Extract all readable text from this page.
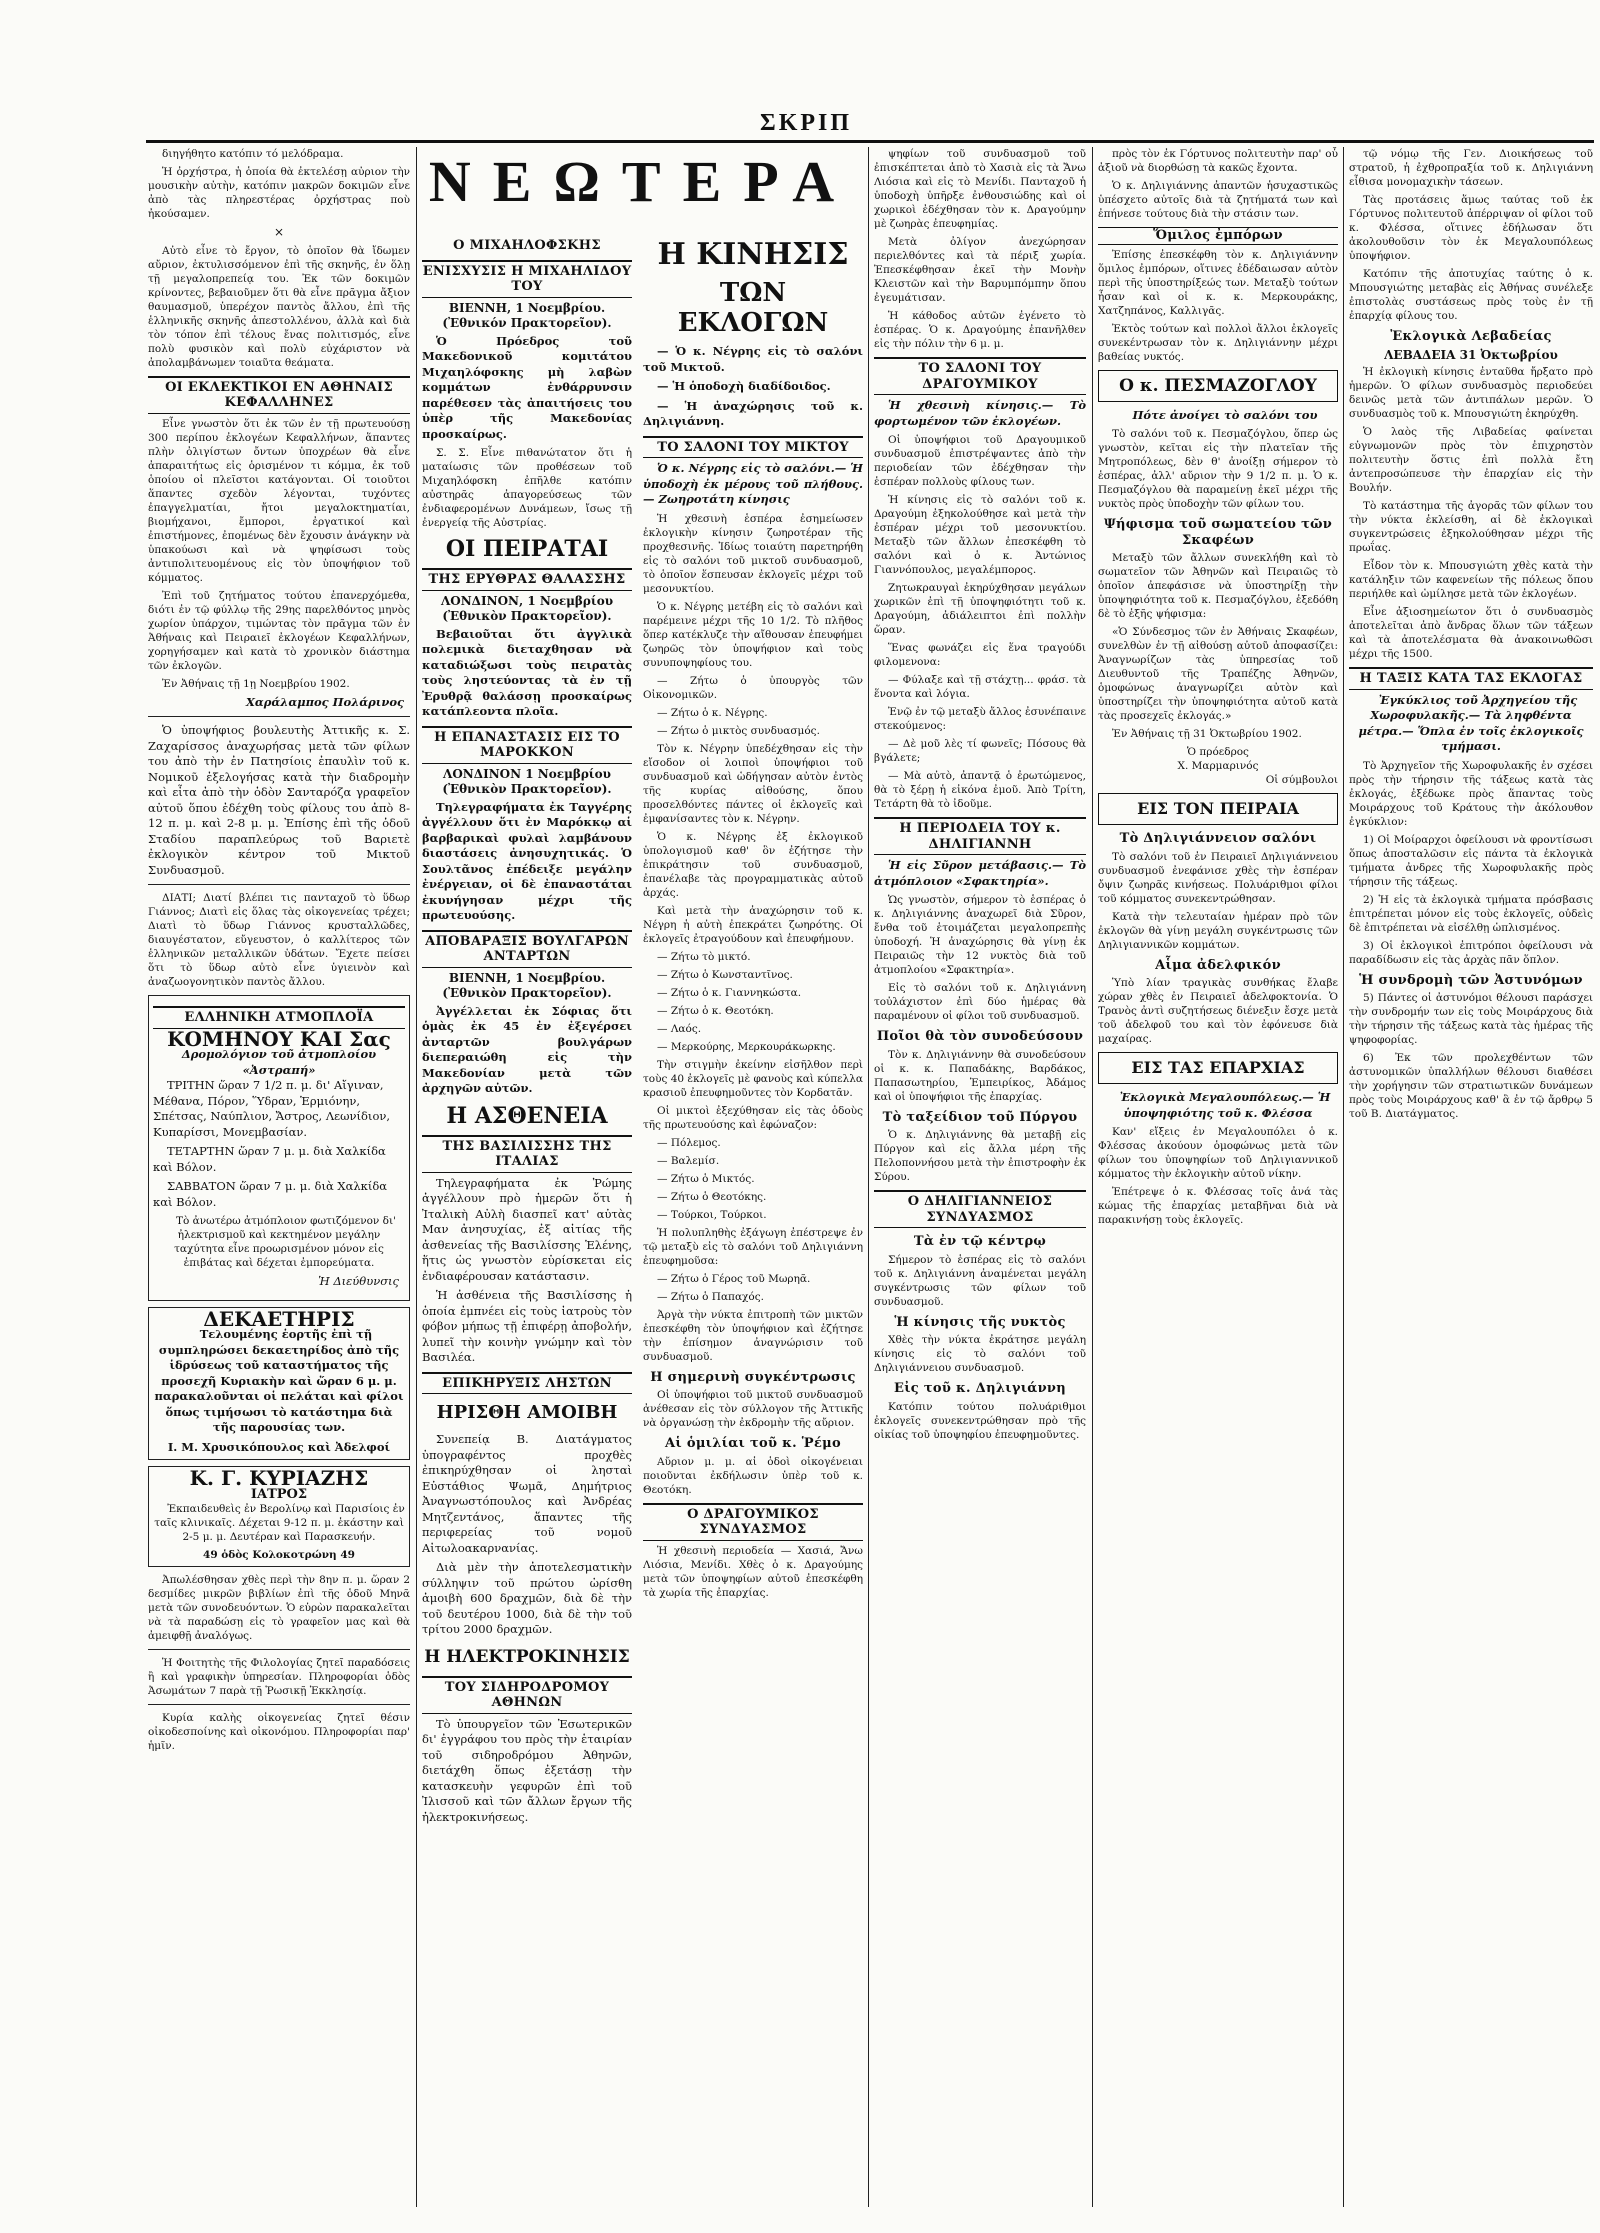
ΣΚΡΙΠ

διηγήθητο κατόπιν τό μελόδραμα.

Ἡ ὀρχήστρα, ἡ ὁποία θὰ ἐκτελέσῃ αὐριον τὴν μουσικὴν αὐτὴν, κατόπιν μακρῶν δοκιμῶν εἶνε ἀπὸ τὰς πληρεστέρας ὀρχήστρας ποὺ ἠκούσαμεν.

×

Αὐτὸ εἶνε τὸ ἔργον, τὸ ὁποῖον θὰ ἴδωμεν αὔριον, ἐκτυλισσόμενον ἐπὶ τῆς σκηνῆς, ἐν ὅλῃ τῇ μεγαλοπρεπείᾳ του. Ἐκ τῶν δοκιμῶν κρίνοντες, βεβαιοῦμεν ὅτι θὰ εἶνε πρᾶγμα ἄξιον θαυμασμοῦ, ὑπερέχον παντὸς ἄλλου, ἐπὶ τῆς ἑλληνικῆς σκηνῆς ἀπεστολλένου, ἀλλὰ καὶ διὰ τὸν τόπον ἐπὶ τέλους ἔνας πολιτισμός, εἶνε πολὺ φυσικὸν καὶ πολὺ εὐχάριστον νὰ ἀπολαμβάνωμεν τοιαῦτα θεάματα.

ΟΙ ΕΚΛΕΚΤΙΚΟΙ ΕΝ ΑΘΗΝΑΙΣ ΚΕΦΑΛΛΗΝΕΣ

Εἶνε γνωστὸν ὅτι ἐκ τῶν ἐν τῇ πρωτευούσῃ 300 περίπου ἐκλογέων Κεφαλλήνων, ἅπαντες πλὴν ὀλιγίστων ὄντων ὑποχρέων θὰ εἶνε ἀπαραιτήτως εἰς ὁρισμένον τι κόμμα, ἐκ τοῦ ὁποίου οἱ πλεῖστοι κατάγονται. Οἱ τοιοῦτοι ἅπαντες σχεδὸν λέγονται, τυχόντες ἐπαγγελματίαι, ἤτοι μεγαλοκτηματίαι, βιομήχανοι, ἔμποροι, ἐργατικοί καὶ ἐπιστήμονες, ἐπομένως δὲν ἔχουσιν ἀνάγκην νὰ ὑπακούωσι καὶ νὰ ψηφίσωσι τοὺς ἀντιπολιτευομένους εἰς τὸν ὑποψήφιον τοῦ κόμματος.

Ἐπὶ τοῦ ζητήματος τούτου ἐπανερχόμεθα, διότι ἐν τῷ φύλλῳ τῆς 29ης παρελθόντος μηνὸς χωρίον ὑπάρχον, τιμώντας τὸν πρᾶγμα τῶν ἐν Ἀθήναις καὶ Πειραιεῖ ἐκλογέων Κεφαλλήνων, χορηγήσαμεν καὶ κατὰ τὸ χρονικὸν διάστημα τῶν ἐκλογῶν.

Ἐν Ἀθήναις τῇ 1ῃ Νοεμβρίου 1902.

Χαράλαμπος Πολάρινος

Ὁ ὑποψήφιος βουλευτὴς Ἀττικῆς κ. Σ. Ζαχαρίσσος ἀναχωρήσας μετὰ τῶν φίλων του ἀπὸ τὴν ἐν Πατησίοις ἐπαυλὶν τοῦ κ. Νομικοῦ ἐξελογήσας κατὰ τὴν διαδρομὴν καὶ εἶτα ἀπὸ τὴν ὁδὸν Σανταρόζα γραφεῖον αὐτοῦ ὅπου ἐδέχθη τοὺς φίλους του ἀπὸ 8-12 π. μ. καὶ 2-8 μ. μ. Ἐπίσης ἐπὶ τῆς ὁδοῦ Σταδίου παραπλεύρως τοῦ Βαριετὲ ἐκλογικὸν κέντρον τοῦ Μικτοῦ Συνδυασμοῦ.

ΔΙΑΤΙ; Διατί βλέπει τις πανταχοῦ τὸ ὕδωρ Γιάννος; Διατὶ εἰς ὅλας τὰς οἰκογενείας τρέχει; Διατὶ τὸ ὕδωρ Γιάννος κρυσταλλῶδες, διαυγέστατον, εὔγευστον, ὁ καλλίτερος τῶν ἑλληνικῶν μεταλλικῶν ὑδάτων. Ἔχετε πείσει ὅτι τὸ ὕδωρ αὐτὸ εἶνε ὑγιεινὸν καὶ ἀναζωογονητικὸν παντὸς ἄλλου.

ΕΛΛΗΝΙΚΗ ΑΤΜΟΠΛΟΪΑ
ΚΟΜΗΝΟΥ ΚΑΙ Σας
Δρομολόγιον τοῦ ἀτμοπλοίου «Ἀστραπή»

ΤΡΙΤΗΝ ὥραν 7 1/2 π. μ. δι' Αἴγιναν, Μέθανα, Πόρον, Ὕδραν, Ἑρμιόνην, Σπέτσας, Ναύπλιον, Ἄστρος, Λεωνίδιον, Κυπαρίσσι, Μονεμβασίαν.

ΤΕΤΑΡΤΗΝ ὥραν 7 μ. μ. διὰ Χαλκίδα καὶ Βόλον.

ΣΑΒΒΑΤΟΝ ὥραν 7 μ. μ. διὰ Χαλκίδα καὶ Βόλον.

Τὸ ἀνωτέρω ἀτμόπλοιον φωτιζόμενον δι' ἠλεκτρισμοῦ καὶ κεκτημένον μεγάλην ταχύτητα εἶνε προωρισμένον μόνον εἰς ἐπιβάτας καὶ δέχεται ἐμπορεύματα.

Ἡ Διεύθυνσις
ΔΕΚΑΕΤΗΡΙΣ

Τελουμένης ἑορτῆς ἐπὶ τῇ συμπληρώσει δεκαετηρίδος ἀπὸ τῆς ἱδρύσεως τοῦ καταστήματος τῆς προσεχῆ Κυριακὴν καὶ ὥραν 6 μ. μ. παρακαλοῦνται οἱ πελάται καὶ φίλοι ὅπως τιμήσωσι τὸ κατάστημα διὰ τῆς παρουσίας των.

Ι. Μ. Χρυσικόπουλος καὶ Ἀδελφοί
Κ. Γ. ΚΥΡΙΑΖΗΣ
ΙΑΤΡΟΣ

Ἐκπαιδευθεὶς ἐν Βερολίνῳ καὶ Παρισίοις ἐν ταῖς κλινικαῖς. Δέχεται 9-12 π. μ. ἑκάστην καὶ 2-5 μ. μ. Δευτέραν καὶ Παρασκευήν.

49 ὁδὸς Κολοκοτρώνη 49

Ἀπωλέσθησαν χθὲς περὶ τὴν 8ην π. μ. ὥραν 2 δεσμίδες μικρῶν βιβλίων ἐπὶ τῆς ὁδοῦ Μηνᾶ μετὰ τῶν συνοδευόντων. Ὁ εὑρὼν παρακαλεῖται νὰ τὰ παραδώσῃ εἰς τὸ γραφεῖον μας καὶ θὰ ἀμειφθῇ ἀναλόγως.

Ἡ Φοιτητὴς τῆς Φιλολογίας ζητεῖ παραδόσεις ἢ καὶ γραφικὴν ὑπηρεσίαν. Πληροφορίαι ὁδὸς Ἀσωμάτων 7 παρὰ τῇ Ῥωσικῇ Ἐκκλησίᾳ.

Κυρία καλὴς οἰκογενείας ζητεῖ θέσιν οἰκοδεσποίνης καὶ οἰκονόμου. Πληροφορίαι παρ' ἡμῖν.

ΝΕΩΤΕΡΑ
Ο ΜΙΧΑΗΛΟΦΣΚΗΣ
ΕΝΙΣΧΥΣΙΣ Η ΜΙΧΑΗΛΙΔΟΥ ΤΟΥ
ΒΙΕΝΝΗ, 1 Νοεμβρίου. (Ἐθνικόν Πρακτορεῖον).

Ὁ Πρόεδρος τοῦ Μακεδονικοῦ κομιτάτου Μιχαηλόφσκης μὴ λαβὼν κομμάτων ἐνθάρρυνσιν παρέθεσεν τὰς ἀπαιτήσεις του ὑπὲρ τῆς Μακεδονίας προσκαίρως.

Σ. Σ. Εἶνε πιθανώτατον ὅτι ἡ ματαίωσις τῶν προθέσεων τοῦ Μιχαηλόφσκη ἐπῆλθε κατόπιν αὐστηρᾶς ἀπαγορεύσεως τῶν ἐνδιαφερομένων Δυνάμεων, ἴσως τῇ ἐνεργείᾳ τῆς Αὐστρίας.

ΟΙ ΠΕΙΡΑΤΑΙ
ΤΗΣ ΕΡΥΘΡΑΣ ΘΑΛΑΣΣΗΣ
ΛΟΝΔΙΝΟΝ, 1 Νοεμβρίου (Ἐθνικὸν Πρακτορεῖον).

Βεβαιοῦται ὅτι ἀγγλικὰ πολεμικὰ διεταχθησαν νὰ καταδιώξωσι τοὺς πειρατὰς τοὺς ληστεύοντας τὰ ἐν τῇ Ἐρυθρᾷ θαλάσσῃ προσκαίρως κατάπλεοντα πλοῖα.

Η ΕΠΑΝΑΣΤΑΣΙΣ ΕΙΣ ΤΟ ΜΑΡΟΚΚΟΝ
ΛΟΝΔΙΝΟΝ 1 Νοεμβρίου (Ἐθνικὸν Πρακτορεῖον).

Τηλεγραφήματα ἐκ Ταγγέρης ἀγγέλλουν ὅτι ἐν Μαρόκκῳ αἱ βαρβαρικαὶ φυλαὶ λαμβάνουν διαστάσεις ἀνησυχητικάς. Ὁ Σουλτᾶνος ἐπέδειξε μεγάλην ἐνέργειαν, οἱ δὲ ἐπαναστάται ἐκυνήγησαν μέχρι τῆς πρωτευούσης.

ΑΠΟΒΑΡΑΞΙΣ ΒΟΥΛΓΑΡΩΝ ΑΝΤΑΡΤΩΝ
ΒΙΕΝΝΗ, 1 Νοεμβρίου. (Ἐθνικὸν Πρακτορεῖον).

Ἀγγέλλεται ἐκ Σόφιας ὅτι ὁμὰς ἐκ 45 ἐν ἐξεγέρσει ἀνταρτῶν βουλγάρων διεπεραιώθη εἰς τὴν Μακεδονίαν μετὰ τῶν ἀρχηγῶν αὐτῶν.

Η ΑΣΘΕΝΕΙΑ
ΤΗΣ ΒΑΣΙΛΙΣΣΗΣ ΤΗΣ ΙΤΑΛΙΑΣ

Τηλεγραφήματα ἐκ Ῥώμης ἀγγέλλουν πρὸ ἡμερῶν ὅτι ἡ Ἰταλικὴ Αὐλὴ διασπεῖ κατ' αὐτὰς Μαν ἀνησυχίας, ἐξ αἰτίας τῆς ἀσθενείας τῆς Βασιλίσσης Ἑλένης, ἥτις ὡς γνωστὸν εὑρίσκεται εἰς ἐνδιαφέρουσαν κατάστασιν.

Ἡ ἀσθένεια τῆς Βασιλίσσης ἡ ὁποία ἐμπνέει εἰς τοὺς ἰατροὺς τὸν φόβον μήπως τῇ ἐπιφέρῃ ἀποβολήν, λυπεῖ τὴν κοινὴν γνώμην καὶ τὸν Βασιλέα.

ΕΠΙΚΗΡΥΞΙΣ ΛΗΣΤΩΝ
ΗΡΙΣΘΗ ΑΜΟΙΒΗ

Συνεπείᾳ Β. Διατάγματος ὑπογραφέντος προχθὲς ἐπικηρύχθησαν οἱ λησταὶ Εὐστάθιος Ψωμᾶ, Δημήτριος Ἀναγνωστόπουλος καὶ Ἀνδρέας Μητζεντάνος, ἅπαντες τῆς περιφερείας τοῦ νομοῦ Αἰτωλοακαρνανίας.

Διὰ μὲν τὴν ἀποτελεσματικὴν σύλληψιν τοῦ πρώτου ὡρίσθη ἀμοιβὴ 600 δραχμῶν, διὰ δὲ τὴν τοῦ δευτέρου 1000, διὰ δὲ τὴν τοῦ τρίτου 2000 δραχμῶν.

Η ΗΛΕΚΤΡΟΚΙΝΗΣΙΣ
ΤΟΥ ΣΙΔΗΡΟΔΡΟΜΟΥ ΑΘΗΝΩΝ

Τὸ ὑπουργεῖον τῶν Ἐσωτερικῶν δι' ἐγγράφου του πρὸς τὴν ἑταιρίαν τοῦ σιδηροδρόμου Ἀθηνῶν, διετάχθη ὅπως ἐξετάσῃ τὴν κατασκευὴν γεφυρῶν ἐπὶ τοῦ Ἰλισσοῦ καὶ τῶν ἄλλων ἔργων τῆς ἠλεκτροκινήσεως.

Η ΚΙΝΗΣΙΣ
ΤΩΝ ΕΚΛΟΓΩΝ

— Ὁ κ. Νέγρης εἰς τὸ σαλόνι τοῦ Μικτοῦ.

— Ἡ ὁποδοχὴ διαδίδοιδος.

— Ἡ ἀναχώρησις τοῦ κ. Δηλιγιάννη.

ΤΟ ΣΑΛΟΝΙ ΤΟΥ ΜΙΚΤΟΥ

Ὁ κ. Νέγρης εἰς τὸ σαλόνι.— Ἡ ὑποδοχὴ ἐκ μέρους τοῦ πλήθους.— Ζωηροτάτη κίνησις

Ἡ χθεσινὴ ἑσπέρα ἐσημείωσεν ἐκλογικὴν κίνησιν ζωηροτέραν τῆς προχθεσινῆς. Ἰδίως τοιαύτη παρετηρήθη εἰς τὸ σαλόνι τοῦ μικτοῦ συνδυασμοῦ, τὸ ὁποῖον ἕσπευσαν ἐκλογεῖς μέχρι τοῦ μεσονυκτίου.

Ὁ κ. Νέγρης μετέβη εἰς τὸ σαλόνι καὶ παρέμεινε μέχρι τῆς 10 1/2. Τὸ πλῆθος ὅπερ κατέκλυζε τὴν αἴθουσαν ἐπευφήμει ζωηρῶς τὸν ὑποψήφιον καὶ τοὺς συνυποψηφίους του.

— Ζήτω ὁ ὑπουργὸς τῶν Οἰκονομικῶν.

— Ζήτω ὁ κ. Νέγρης.

— Ζήτω ὁ μικτὸς συνδυασμός.

Τὸν κ. Νέγρην ὑπεδέχθησαν εἰς τὴν εἴσοδον οἱ λοιποὶ ὑποψήφιοι τοῦ συνδυασμοῦ καὶ ὡδήγησαν αὐτὸν ἐντὸς τῆς κυρίας αἰθούσης, ὅπου προσελθόντες πάντες οἱ ἐκλογεῖς καὶ ἐμφανίσαντες τὸν κ. Νέγρην.

Ὁ κ. Νέγρης ἐξ ἐκλογικοῦ ὑπολογισμοῦ καθ' ὃν ἐζήτησε τὴν ἐπικράτησιν τοῦ συνδυασμοῦ, ἐπανέλαβε τὰς προγραμματικὰς αὐτοῦ ἀρχάς.

Καὶ μετὰ τὴν ἀναχώρησιν τοῦ κ. Νέγρη ἡ αὐτὴ ἐπεκράτει ζωηρότης. Οἱ ἐκλογεῖς ἐτραγούδουν καὶ ἐπευφήμουν.

— Ζήτω τὸ μικτό.

— Ζήτω ὁ Κωνσταντῖνος.

— Ζήτω ὁ κ. Γιαννηκώστα.

— Ζήτω ὁ κ. Θεοτόκη.

— Λαός.

— Μερκούρης, Μερκουράκωρκης.

Τὴν στιγμὴν ἐκείνην εἰσῆλθον περὶ τοὺς 40 ἐκλογεῖς μὲ φανοὺς καὶ κύπελλα κρασιοῦ ἐπευφημοῦντες τὸν Κορδατᾶν.

Οἱ μικτοὶ ἐξεχύθησαν εἰς τὰς ὁδοὺς τῆς πρωτευούσης καὶ ἐφώναζον:

— Πόλεμος.

— Βαλεμίσ.

— Ζήτω ὁ Μικτός.

— Ζήτω ὁ Θεοτόκης.

— Τούρκοι, Τούρκοι.

Ἡ πολυπληθὴς ἐξάγωγη ἐπέστρεψε ἐν τῷ μεταξὺ εἰς τὸ σαλόνι τοῦ Δηλιγιάννη ἐπευφημοῦσα:

— Ζήτω ὁ Γέρος τοῦ Μωρηᾶ.

— Ζήτω ὁ Παπαχός.

Ἀργὰ τὴν νύκτα ἐπιτροπὴ τῶν μικτῶν ἐπεσκέφθη τὸν ὑποψήφιον καὶ ἐζήτησε τὴν ἐπίσημον ἀναγνώρισιν τοῦ συνδυασμοῦ.

Η σημερινὴ συγκέντρωσις

Οἱ ὑποψήφιοι τοῦ μικτοῦ συνδυασμοῦ ἀνέθεσαν εἰς τὸν σύλλογον τῆς Ἀττικῆς νὰ ὀργανώσῃ τὴν ἐκδρομὴν τῆς αὔριον.

Αἱ ὁμιλίαι τοῦ κ. Ῥέμο

Αὔριον μ. μ. αἱ ὁδοὶ οἰκογένειαι ποιοῦνται ἐκδήλωσιν ὑπὲρ τοῦ κ. Θεοτόκη.

Ο ΔΡΑΓΟΥΜΙΚΟΣ ΣΥΝΔΥΑΣΜΟΣ

Ἡ χθεσινὴ περιοδεία — Χασιά, Ἄνω Λιόσια, Μενίδι. Χθὲς ὁ κ. Δραγούμης μετὰ τῶν ὑποψηφίων αὐτοῦ ἐπεσκέφθη τὰ χωρία τῆς ἐπαρχίας.

ψηφίων τοῦ συνδυασμοῦ τοῦ ἐπισκέπτεται ἀπὸ τὸ Χασιὰ εἰς τὰ Ἄνω Λιόσια καὶ εἰς τὸ Μενίδι. Πανταχοῦ ἡ ὑποδοχὴ ὑπῆρξε ἐνθουσιώδης καὶ οἱ χωρικοὶ ἐδέχθησαν τὸν κ. Δραγούμην μὲ ζωηρὰς ἐπευφημίας.

Μετὰ ὀλίγον ἀνεχώρησαν περιελθόντες καὶ τὰ πέριξ χωρία. Ἐπεσκέφθησαν ἐκεῖ τὴν Μονὴν Κλειστῶν καὶ τὴν Βαρυμπόμπην ὅπου ἐγευμάτισαν.

Ἡ κάθοδος αὐτῶν ἐγένετο τὸ ἑσπέρας. Ὁ κ. Δραγούμης ἐπανῆλθεν εἰς τὴν πόλιν τὴν 6 μ. μ.

ΤΟ ΣΑΛΟΝΙ ΤΟΥ ΔΡΑΓΟΥΜΙΚΟΥ

Ἡ χθεσινὴ κίνησις.— Τὸ φορτωμένον τῶν ἐκλογέων.

Οἱ ὑποψήφιοι τοῦ Δραγουμικοῦ συνδυασμοῦ ἐπιστρέψαντες ἀπὸ τὴν περιοδείαν τῶν ἐδέχθησαν τὴν ἑσπέραν πολλοὺς φίλους των.

Ἡ κίνησις εἰς τὸ σαλόνι τοῦ κ. Δραγούμη ἐξηκολούθησε καὶ μετὰ τὴν ἐσπέραν μέχρι τοῦ μεσονυκτίου. Μεταξὺ τῶν ἄλλων ἐπεσκέφθη τὸ σαλόνι καὶ ὁ κ. Ἀντώνιος Γιαννόπουλος, μεγαλέμπορος.

Ζητωκραυγαὶ ἐκηρύχθησαν μεγάλων χωρικῶν ἐπὶ τῇ ὑποψηφιότητι τοῦ κ. Δραγούμη, ἀδιάλειπτοι ἐπὶ πολλὴν ὥραν.

Ἕνας φωνάζει εἰς ἕνα τραγούδι φιλομενονα:

— Φύλαξε καὶ τῇ στάχτῃ... φράσ. τὰ ἕνοντα καὶ λόγια.

Ἐνῷ ἐν τῷ μεταξὺ ἄλλος ἐσυνέπαινε στεκούμενος:

— Δὲ μοῦ λὲς τί φωνεῖς; Πόσους θὰ βγάλετε;

— Μὰ αὐτὸ, ἀπαντᾷ ὁ ἐρωτώμενος, θὰ τὸ ξέρῃ ἡ εἰκόνα ἐμοῦ. Ἀπὸ Τρίτη, Τετάρτη θὰ τὸ ἰδοῦμε.

Η ΠΕΡΙΟΔΕΙΑ ΤΟΥ κ. ΔΗΛΙΓΙΑΝΝΗ

Ἡ εἰς Σῦρον μετάβασις.— Τὸ ἀτμόπλοιον «Σφακτηρία».

Ὡς γνωστὸν, σήμερον τὸ ἑσπέρας ὁ κ. Δηλιγιάννης ἀναχωρεῖ διὰ Σῦρον, ἔνθα τοῦ ἑτοιμάζεται μεγαλοπρεπὴς ὑποδοχή. Ἡ ἀναχώρησις θὰ γίνῃ ἐκ Πειραιῶς τὴν 12 νυκτὸς διὰ τοῦ ἀτμοπλοίου «Σφακτηρία».

Εἰς τὸ σαλόνι τοῦ κ. Δηλιγιάννη τοὐλάχιστον ἐπὶ δύο ἡμέρας θὰ παραμένουν οἱ φίλοι τοῦ συνδυασμοῦ.

Ποῖοι θὰ τὸν συνοδεύσουν

Τὸν κ. Δηλιγιάννην θὰ συνοδεύσουν οἱ κ. κ. Παπαδάκης, Βαρδάκος, Παπασωτηρίου, Ἐμπειρίκος, Ἀδάμος καὶ οἱ ὑποψήφιοι τῆς ἐπαρχίας.

Τὸ ταξείδιον τοῦ Πύργου

Ὁ κ. Δηλιγιάννης θὰ μεταβῇ εἰς Πύργον καὶ εἰς ἄλλα μέρη τῆς Πελοποννήσου μετὰ τὴν ἐπιστροφὴν ἐκ Σύρου.

Ο ΔΗΛΙΓΙΑΝΝΕΙΟΣ ΣΥΝΔΥΑΣΜΟΣ
Τὰ ἐν τῷ κέντρῳ

Σήμερον τὸ ἑσπέρας εἰς τὸ σαλόνι τοῦ κ. Δηλιγιάννη ἀναμένεται μεγάλη συγκέντρωσις τῶν φίλων τοῦ συνδυασμοῦ.

Ἡ κίνησις τῆς νυκτὸς

Χθὲς τὴν νύκτα ἐκράτησε μεγάλη κίνησις εἰς τὸ σαλόνι τοῦ Δηλιγιάννειου συνδυασμοῦ.

Εἰς τοῦ κ. Δηλιγιάννη

Κατόπιν τούτου πολυάριθμοι ἐκλογεῖς συνεκεντρώθησαν πρὸ τῆς οἰκίας τοῦ ὑποψηφίου ἐπευφημοῦντες.

πρὸς τὸν ἐκ Γόρτυνος πολιτευτὴν παρ' οὗ ἀξιοῦ νὰ διορθώσῃ τὰ κακῶς ἔχοντα.

Ὁ κ. Δηλιγιάννης ἀπαντῶν ἡσυχαστικῶς ὑπέσχετο αὐτοῖς διὰ τὰ ζητήματά των καὶ ἐπήνεσε τούτους διὰ τὴν στάσιν των.

Ὅμιλος ἐμπόρων

Ἐπίσης ἐπεσκέφθη τὸν κ. Δηλιγιάννην ὅμιλος ἐμπόρων, οἵτινες ἐδέδαιωσαν αὐτὸν περὶ τῆς ὑποστηρίξεώς των. Μεταξὺ τούτων ἦσαν καὶ οἱ κ. κ. Μερκουράκης, Χατζηπάνος, Καλλιγᾶς.

Ἐκτὸς τούτων καὶ πολλοὶ ἄλλοι ἐκλογεῖς συνεκέντρωσαν τὸν κ. Δηλιγιάννην μέχρι βαθείας νυκτός.

Ο κ. ΠΕΣΜΑΖΟΓΛΟΥ

Πότε ἀνοίγει τὸ σαλόνι του

Τὸ σαλόνι τοῦ κ. Πεσμαζόγλου, ὅπερ ὡς γνωστὸν, κεῖται εἰς τὴν πλατεῖαν τῆς Μητροπόλεως, δὲν θ' ἀνοίξῃ σήμερον τὸ ἑσπέρας, ἀλλ' αὔριον τὴν 9 1/2 π. μ. Ὁ κ. Πεσμαζόγλου θὰ παραμείνῃ ἐκεῖ μέχρι τῆς νυκτὸς πρὸς ὑποδοχὴν τῶν φίλων του.

Ψήφισμα τοῦ σωματείου τῶν Σκαφέων

Μεταξὺ τῶν ἄλλων συνεκλήθη καὶ τὸ σωματεῖον τῶν Ἀθηνῶν καὶ Πειραιῶς τὸ ὁποῖον ἀπεφάσισε νὰ ὑποστηρίξῃ τὴν ὑποψηφιότητα τοῦ κ. Πεσμαζόγλου, ἐξεδόθη δὲ τὸ ἑξῆς ψήφισμα:

«Ὁ Σύνδεσμος τῶν ἐν Ἀθήναις Σκαφέων, συνελθὼν ἐν τῇ αἰθούσῃ αὐτοῦ ἀποφασίζει: Ἀναγνωρίζων τὰς ὑπηρεσίας τοῦ Διευθυντοῦ τῆς Τραπέζης Ἀθηνῶν, ὁμοφώνως ἀναγνωρίζει αὐτὸν καὶ ὑποστηρίζει τὴν ὑποψηφιότητα αὐτοῦ κατὰ τὰς προσεχεῖς ἐκλογάς.»

Ἐν Ἀθήναις τῇ 31 Ὀκτωβρίου 1902.

Ὁ πρόεδρος
Χ. Μαρμαρινός
Οἱ σύμβουλοι
ΕΙΣ ΤΟΝ ΠΕΙΡΑΙΑ
Τὸ Δηλιγιάννειον σαλόνι

Τὸ σαλόνι τοῦ ἐν Πειραιεῖ Δηλιγιάννειου συνδυασμοῦ ἐνεφάνισε χθὲς τὴν ἑσπέραν ὄψιν ζωηρᾶς κινήσεως. Πολυάριθμοι φίλοι τοῦ κόμματος συνεκεντρώθησαν.

Κατὰ τὴν τελευταίαν ἡμέραν πρὸ τῶν ἐκλογῶν θὰ γίνῃ μεγάλη συγκέντρωσις τῶν Δηλιγιαννικῶν κομμάτων.

Αἷμα ἀδελφικόν

Ὑπὸ λίαν τραγικὰς συνθήκας ἔλαβε χώραν χθὲς ἐν Πειραιεῖ ἀδελφοκτονία. Ὁ Τρανὸς ἀντὶ συζητήσεως διένεξιν ἔσχε μετὰ τοῦ ἀδελφοῦ του καὶ τὸν ἐφόνευσε διὰ μαχαίρας.

ΕΙΣ ΤΑΣ ΕΠΑΡΧΙΑΣ

Ἐκλογικὰ Μεγαλουπόλεως.— Ἡ ὑποψηφιότης τοῦ κ. Φλέσσα

Καν' εἴξεις ἐν Μεγαλουπόλει ὁ κ. Φλέσσας ἀκούουν ὁμοφώνως μετὰ τῶν φίλων του ὑποψηφίων τοῦ Δηλιγιαννικοῦ κόμματος τὴν ἐκλογικὴν αὐτοῦ νίκην.

Ἐπέτρεψε ὁ κ. Φλέσσας τοῖς ἀνά τὰς κώμας τῆς ἐπαρχίας μεταβῆναι διὰ νὰ παρακινήσῃ τοὺς ἐκλογεῖς.

τῷ νόμῳ τῆς Γεν. Διοικήσεως τοῦ στρατοῦ, ἡ ἐχθροπραξία τοῦ κ. Δηλιγιάννη εἶθισα μονομαχικὴν τάσεων.

Τὰς προτάσεις ἅμως ταύτας τοῦ ἐκ Γόρτυνος πολιτευτοῦ ἀπέρριψαν οἱ φίλοι τοῦ κ. Φλέσσα, οἵτινες ἐδήλωσαν ὅτι ἀκολουθοῦσιν τὸν ἐκ Μεγαλουπόλεως ὑποψήφιον.

Κατόπιν τῆς ἀποτυχίας ταύτης ὁ κ. Μπουσγιώτης μεταβὰς εἰς Ἀθήνας συνέλεξε ἐπιστολὰς συστάσεως πρὸς τοὺς ἐν τῇ ἐπαρχίᾳ φίλους του.

Ἐκλογικὰ Λεβαδείας
ΛΕΒΑΔΕΙΑ 31 Ὀκτωβρίου

Ἡ ἐκλογικὴ κίνησις ἐνταῦθα ἤρξατο πρὸ ἡμερῶν. Ὁ φίλων συνδυασμὸς περιοδεύει δεινῶς μετὰ τῶν ἀντιπάλων μερῶν. Ὁ συνδυασμὸς τοῦ κ. Μπουσγιώτη ἐκηρύχθη.

Ὁ λαὸς τῆς Λιβαδείας φαίνεται εὐγνωμονῶν πρὸς τὸν ἐπιχρηστὸν πολιτευτὴν ὅστις ἐπὶ πολλὰ ἔτη ἀντεπροσώπευσε τὴν ἐπαρχίαν εἰς τὴν Βουλήν.

Τὸ κατάστημα τῆς ἀγορᾶς τῶν φίλων του τὴν νύκτα ἐκλείσθη, αἱ δὲ ἐκλογικαὶ συγκεντρώσεις ἐξηκολούθησαν μέχρι τῆς πρωΐας.

Εἶδον τὸν κ. Μπουσγιώτη χθὲς κατὰ τὴν κατάληξιν τῶν καφενείων τῆς πόλεως ὅπου περιήλθε καὶ ὡμίλησε μετὰ τῶν ἐκλογέων.

Εἶνε ἀξιοσημείωτον ὅτι ὁ συνδυασμὸς ἀποτελεῖται ἀπὸ ἄνδρας ὅλων τῶν τάξεων καὶ τὰ ἀποτελέσματα θὰ ἀνακοινωθῶσι μέχρι τῆς 1500.

Η ΤΑΞΙΣ ΚΑΤΑ ΤΑΣ ΕΚΛΟΓΑΣ

Ἐγκύκλιος τοῦ Ἀρχηγείου τῆς Χωροφυλακῆς.— Τὰ ληφθέντα μέτρα.— Ὅπλα ἐν τοῖς ἐκλογικοῖς τμήμασι.

Τὸ Ἀρχηγεῖον τῆς Χωροφυλακῆς ἐν σχέσει πρὸς τὴν τήρησιν τῆς τάξεως κατὰ τὰς ἐκλογάς, ἐξέδωκε πρὸς ἅπαντας τοὺς Μοιράρχους τοῦ Κράτους τὴν ἀκόλουθον ἐγκύκλιον:

1) Οἱ Μοίραρχοι ὀφείλουσι νὰ φροντίσωσι ὅπως ἀποσταλῶσιν εἰς πάντα τὰ ἐκλογικὰ τμήματα ἀνδρες τῆς Χωροφυλακῆς πρὸς τήρησιν τῆς τάξεως.

2) Ἡ εἰς τὰ ἐκλογικὰ τμήματα πρόσβασις ἐπιτρέπεται μόνον εἰς τοὺς ἐκλογεῖς, οὐδεὶς δὲ ἐπιτρέπεται νὰ εἰσέλθῃ ὡπλισμένος.

3) Οἱ ἐκλογικοὶ ἐπιτρόποι ὀφείλουσι νὰ παραδίδωσιν εἰς τὰς ἀρχὰς πᾶν ὅπλον.

Ἡ συνδρομὴ τῶν Ἀστυνόμων

5) Πάντες οἱ ἀστυνόμοι θέλουσι παράσχει τὴν συνδρομήν των εἰς τοὺς Μοιράρχους διὰ τὴν τήρησιν τῆς τάξεως κατὰ τὰς ἡμέρας τῆς ψηφοφορίας.

6) Ἐκ τῶν προλεχθέντων τῶν ἀστυνομικῶν ὑπαλλήλων θέλουσι διαθέσει τὴν χορήγησιν τῶν στρατιωτικῶν δυνάμεων πρὸς τοὺς Μοιράρχους καθ' ἃ ἐν τῷ ἄρθρῳ 5 τοῦ Β. Διατάγματος.
